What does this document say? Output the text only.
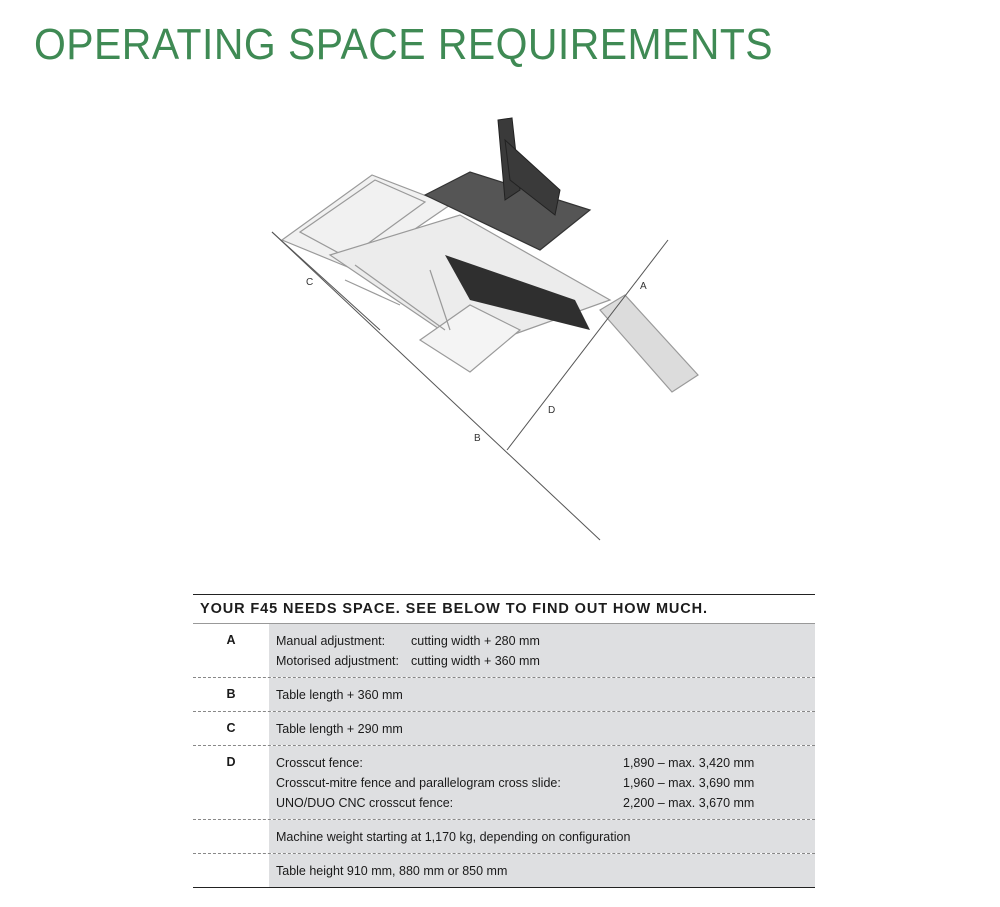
OPERATING SPACE REQUIREMENTS
A
B
C
D
YOUR F45 NEEDS SPACE. SEE BELOW TO FIND OUT HOW MUCH.
A	Manual adjustment:	cutting width + 280 mm
Motorised adjustment: cutting width + 360 mm
B	Table length + 360 mm
C	Table length + 290 mm
D	Crosscut fence:	1,890 – max. 3,420 mm
Crosscut-mitre fence and parallelogram cross slide:	1,960 – max. 3,690 mm
UNO/DUO CNC crosscut fence:	2,200 – max. 3,670 mm
Machine weight starting at 1,170 kg, depending on configuration
Table height 910 mm, 880 mm or 850 mm
